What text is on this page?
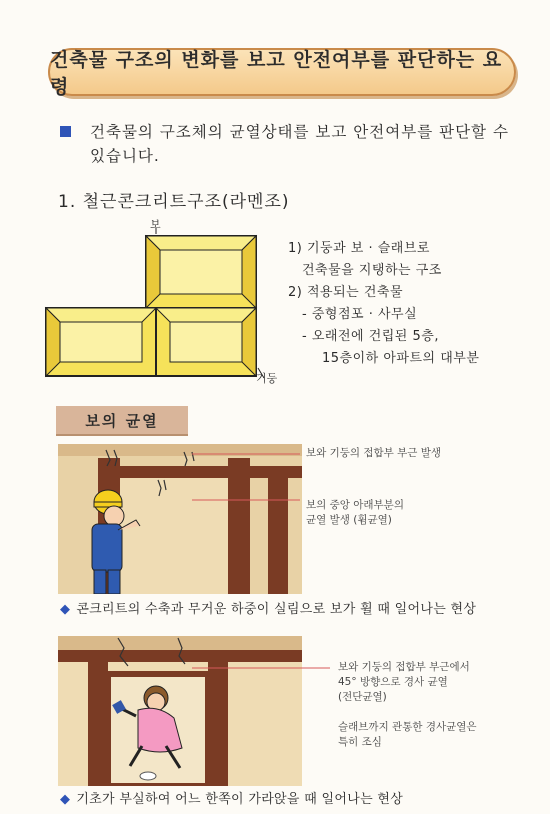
건축물 구조의 변화를 보고 안전여부를 판단하는 요령
건축물의 구조체의 균열상태를 보고 안전여부를 판단할 수 있습니다.
1. 철근콘크리트구조(라멘조)
보
기둥
1) 기둥과 보 · 슬래브로
건축물을 지탱하는 구조
2) 적용되는 건축물
- 중형점포 · 사무실
- 오래전에 건립된 5층,
15층이하 아파트의 대부분
보의 균열
보와 기둥의 접합부 부근 발생
보의 중앙 아래부분의
균열 발생 (휨균열)
◆ 콘크리트의 수축과 무거운 하중이 실림으로 보가 휠 때 일어나는 현상
보와 기둥의 접합부 부근에서
45° 방향으로 경사 균열
(전단균열)
슬래브까지 관통한 경사균열은
특히 조심
◆ 기초가 부실하여 어느 한쪽이 가라앉을 때 일어나는 현상
